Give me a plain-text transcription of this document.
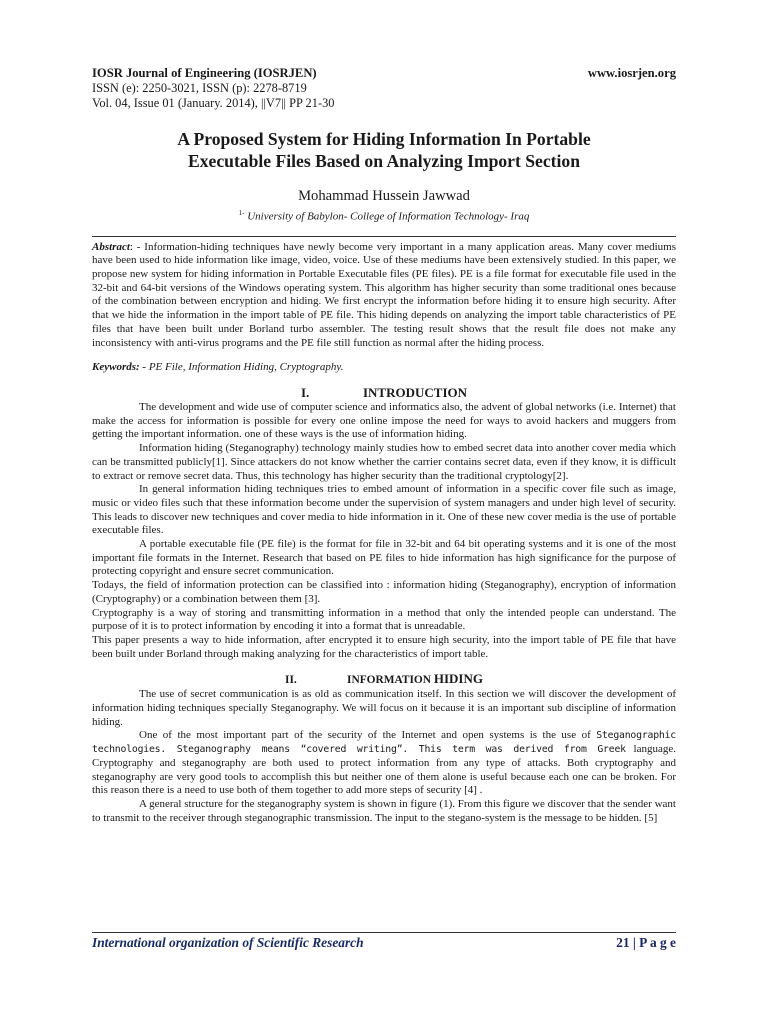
IOSR Journal of Engineering (IOSRJEN)	www.iosrjen.org
ISSN (e): 2250-3021, ISSN (p): 2278-8719
Vol. 04, Issue 01 (January. 2014), ||V7|| PP 21-30
A Proposed System for Hiding Information In Portable
Executable Files Based on Analyzing Import Section
Mohammad Hussein Jawwad
$^{1-}$ University of Babylon- College of Information Technology- Iraq

Abstract: - Information-hiding techniques have newly become very important in a many application areas. Many cover mediums have been used to hide information like image, video, voice. Use of these mediums have been extensively studied. In this paper, we propose new system for hiding information in Portable Executable files (PE files). PE is a file format for executable file used in the 32-bit and 64-bit versions of the Windows operating system. This algorithm has higher security than some traditional ones because of the combination between encryption and hiding. We first encrypt the information before hiding it to ensure high security. After that we hide the information in the import table of PE file. This hiding depends on analyzing the import table characteristics of PE files that have been built under Borland turbo assembler. The testing result shows that the result file does not make any inconsistency with anti-virus programs and the PE file still function as normal after the hiding process.

Keywords: - PE File, Information Hiding, Cryptography.
I.	INTRODUCTION

The development and wide use of computer science and informatics also, the advent of global networks (i.e. Internet) that make the access for information is possible for every one online impose the need for ways to avoid hackers and muggers from getting the important information. one of these ways is the use of information hiding.

Information hiding (Steganography) technology mainly studies how to embed secret data into another cover media which can be transmitted publicly[1]. Since attackers do not know whether the carrier contains secret data, even if they know, it is difficult to extract or remove secret data. Thus, this technology has higher security than the traditional cryptology[2].

In general information hiding techniques tries to embed amount of information in a specific cover file such as image, music or video files such that these information become under the supervision of system managers and under high level of security. This leads to discover new techniques and cover media to hide information in it. One of these new cover media is the use of portable executable files.

A portable executable file (PE file) is the format for file in 32-bit and 64 bit operating systems and it is one of the most important file formats in the Internet. Research that based on PE files to hide information has high significance for the purpose of protecting copyright and ensure secret communication.

Todays, the field of information protection can be classified into : information hiding (Steganography), encryption of information (Cryptography) or a combination between them [3].

Cryptography is a way of storing and transmitting information in a method that only the intended people can understand. The purpose of it is to protect information by encoding it into a format that is unreadable.

This paper presents a way to hide information, after encrypted it to ensure high security, into the import table of PE file that have been built under Borland through making analyzing for the characteristics of import table.

II.	INFORMATION HIDING

The use of secret communication is as old as communication itself. In this section we will discover the development of information hiding techniques specially Steganography. We will focus on it because it is an important sub discipline of information hiding.

One of the most important part of the security of the Internet and open systems is the use of Steganographic technologies. Steganography means “covered writing”. This term was derived from Greek language. Cryptography and steganography are both used to protect information from any type of attacks. Both cryptography and steganography are very good tools to accomplish this but neither one of them alone is useful because each one can be broken. For this reason there is a need to use both of them together to add more steps of security [4] .

A general structure for the steganography system is shown in figure (1). From this figure we discover that the sender want to transmit to the receiver through steganographic transmission. The input to the stegano-system is the message to be hidden. [5]

International organization of Scientific Research	21 | P a g e
